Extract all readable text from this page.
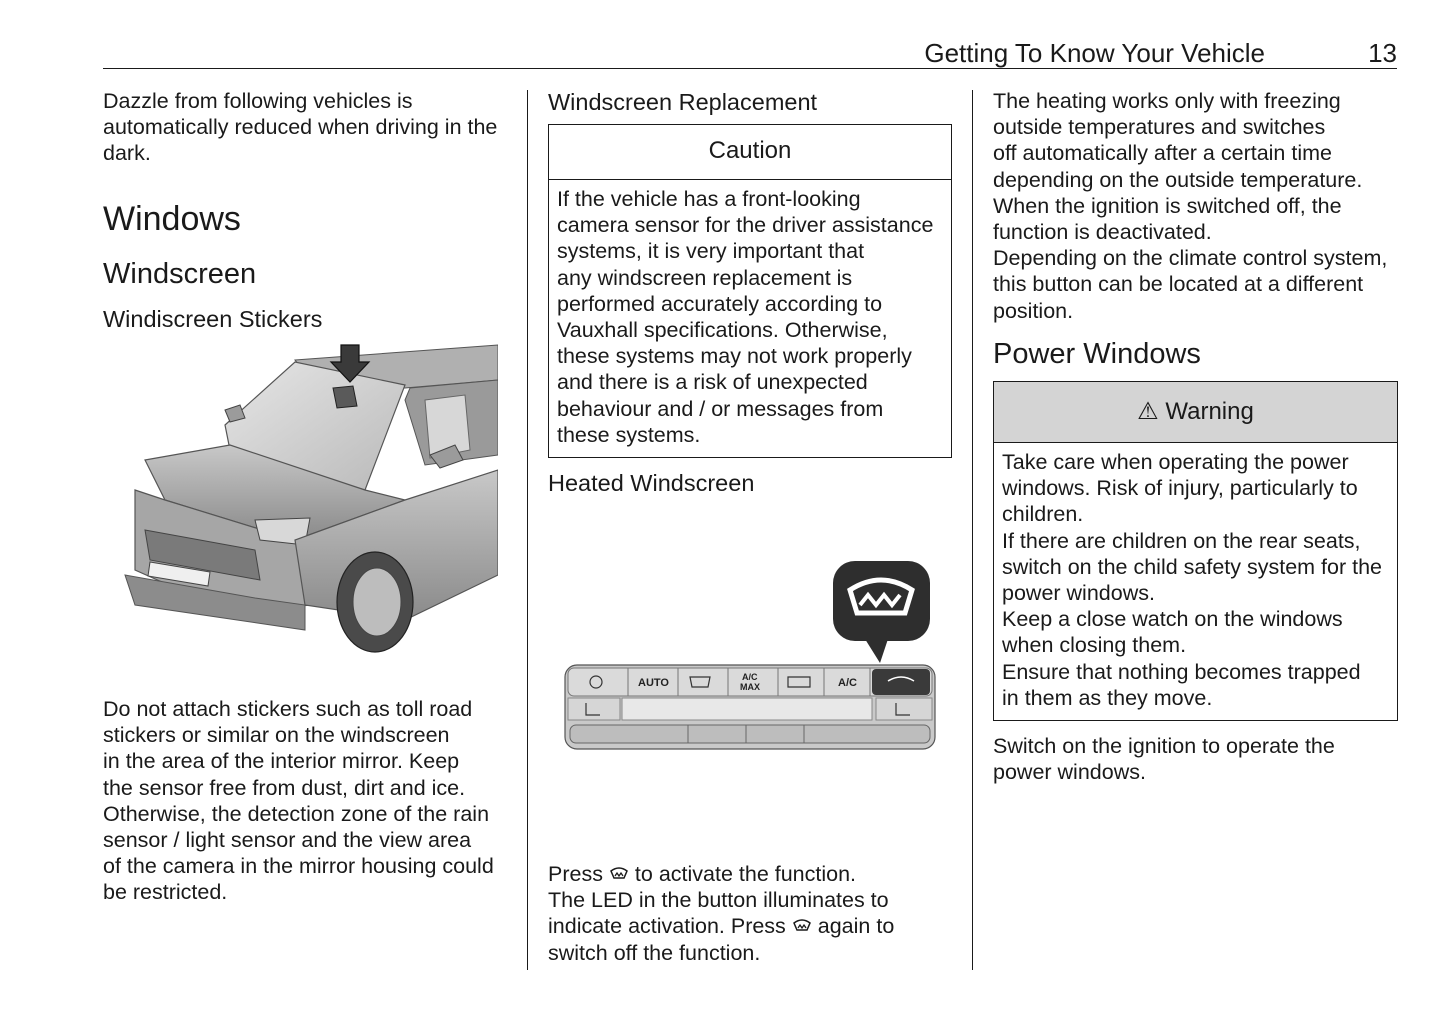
Getting To Know Your Vehicle	13
Dazzle from following vehicles is
automatically reduced when driving in the
dark.
Windows
Windscreen
Windiscreen Stickers
Do not attach stickers such as toll road
stickers or similar on the windscreen
in the area of the interior mirror. Keep
the sensor free from dust, dirt and ice.
Otherwise, the detection zone of the rain
sensor / light sensor and the view area
of the camera in the mirror housing could
be restricted.
Windscreen Replacement
Caution
If the vehicle has a front-looking
camera sensor for the driver assistance
systems, it is very important that
any windscreen replacement is
performed accurately according to
Vauxhall specifications. Otherwise,
these systems may not work properly
and there is a risk of unexpected
behaviour and / or messages from
these systems.
Heated Windscreen
AUTO	A/C
MAX	A/C
Press  to activate the function.
The LED in the button illuminates to
indicate activation. Press  again to
switch off the function.
The heating works only with freezing
outside temperatures and switches
off automatically after a certain time
depending on the outside temperature.
When the ignition is switched off, the
function is deactivated.
Depending on the climate control system,
this button can be located at a different
position.
Power Windows
⚠ Warning
Take care when operating the power
windows. Risk of injury, particularly to
children.
If there are children on the rear seats,
switch on the child safety system for the
power windows.
Keep a close watch on the windows
when closing them.
Ensure that nothing becomes trapped
in them as they move.
Switch on the ignition to operate the
power windows.
